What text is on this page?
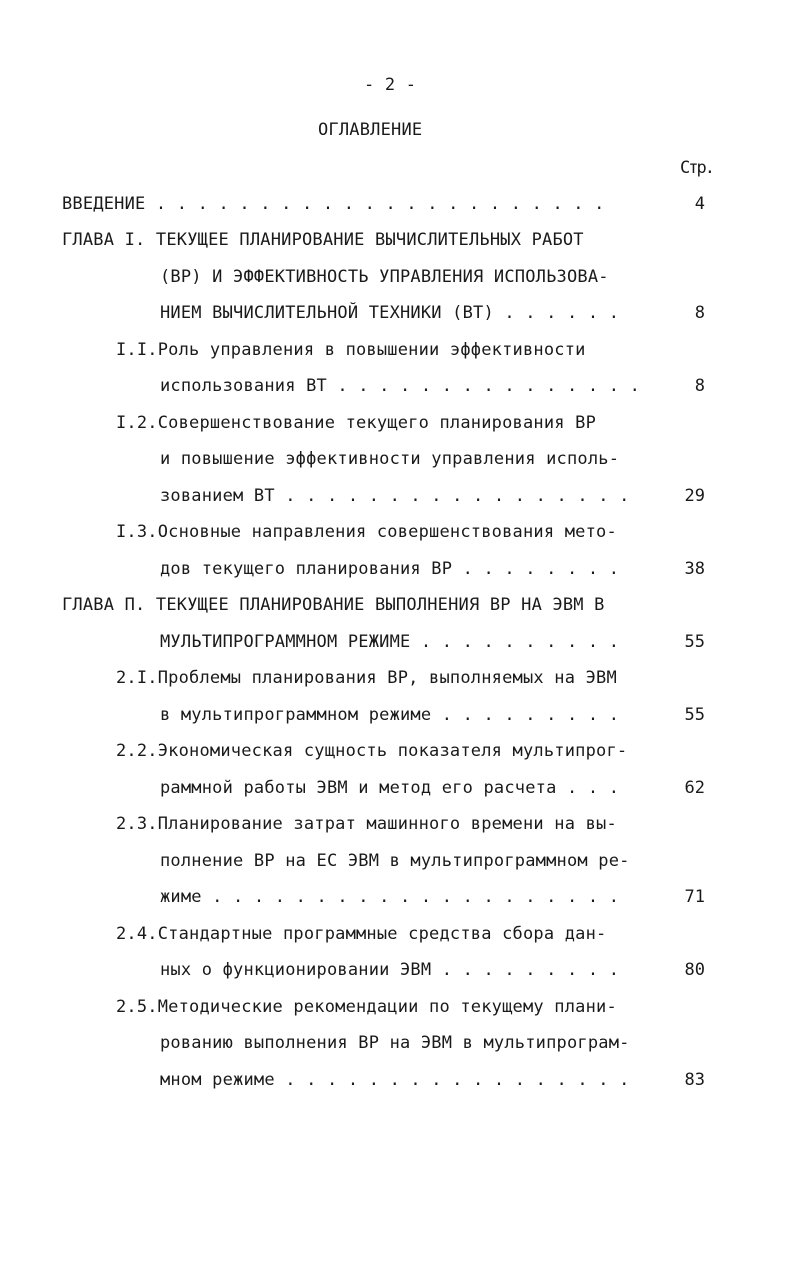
- 2 -
ОГЛАВЛЕНИЕ
Стр.
ВВЕДЕНИЕ . . . . . . . . . . . . . . . . . . . . . .	4
ГЛАВА I. ТЕКУЩЕЕ ПЛАНИРОВАНИЕ ВЫЧИСЛИТЕЛЬНЫХ РАБОТ
(ВР) И ЭФФЕКТИВНОСТЬ УПРАВЛЕНИЯ ИСПОЛЬЗОВА-
НИЕМ ВЫЧИСЛИТЕЛЬНОЙ ТЕХНИКИ (ВТ) . . . . . .	8
I.I.Роль управления в повышении эффективности
использования ВТ . . . . . . . . . . . . . . .	8
I.2.Совершенствование текущего планирования ВР
и повышение эффективности управления исполь-
зованием ВТ . . . . . . . . . . . . . . . . .	29
I.3.Основные направления совершенствования мето-
дов текущего планирования ВР . . . . . . . .	38
ГЛАВА П. ТЕКУЩЕЕ ПЛАНИРОВАНИЕ ВЫПОЛНЕНИЯ ВР НА ЭВМ В
МУЛЬТИПРОГРАММНОМ РЕЖИМЕ . . . . . . . . . .	55
2.I.Проблемы планирования ВР, выполняемых на ЭВМ
в мультипрограммном режиме . . . . . . . . .	55
2.2.Экономическая сущность показателя мультипрог-
раммной работы ЭВМ и метод его расчета . . .	62
2.3.Планирование затрат машинного времени на вы-
полнение ВР на ЕС ЭВМ в мультипрограммном ре-
жиме . . . . . . . . . . . . . . . . . . . .	71
2.4.Стандартные программные средства сбора дан-
ных о функционировании ЭВМ . . . . . . . . .	80
2.5.Методические рекомендации по текущему плани-
рованию выполнения ВР на ЭВМ в мультипрограм-
мном режиме . . . . . . . . . . . . . . . . .	83
